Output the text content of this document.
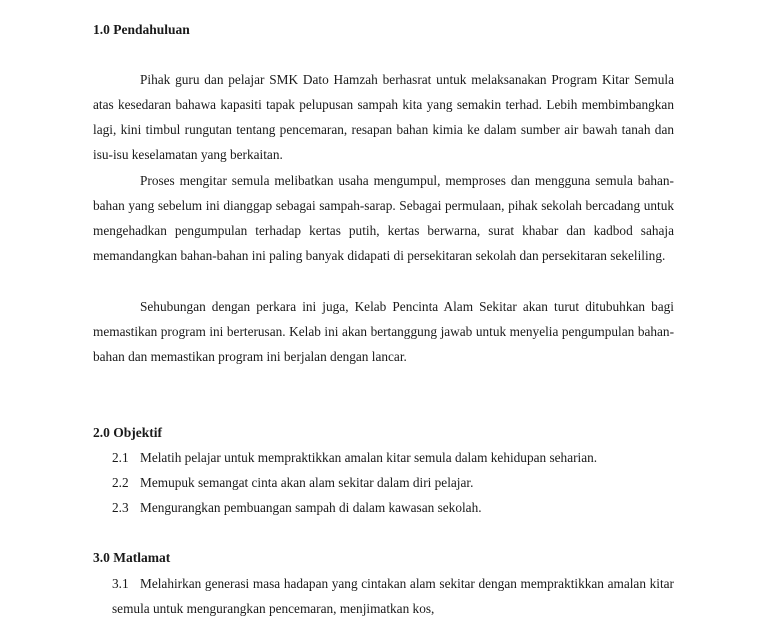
1.0 Pendahuluan

Pihak guru dan pelajar SMK Dato Hamzah berhasrat untuk melaksanakan Program Kitar Semula atas kesedaran bahawa kapasiti tapak pelupusan sampah kita yang semakin terhad. Lebih membimbangkan lagi, kini timbul rungutan tentang pencemaran, resapan bahan kimia ke dalam sumber air bawah tanah dan isu-isu keselamatan yang berkaitan.

Proses mengitar semula melibatkan usaha mengumpul, memproses dan mengguna semula bahan-bahan yang sebelum ini dianggap sebagai sampah-sarap. Sebagai permulaan, pihak sekolah bercadang untuk mengehadkan pengumpulan terhadap kertas putih, kertas berwarna, surat khabar dan kadbod sahaja memandangkan bahan-bahan ini paling banyak didapati di persekitaran sekolah dan persekitaran sekeliling.

Sehubungan dengan perkara ini juga, Kelab Pencinta Alam Sekitar akan turut ditubuhkan bagi memastikan program ini berterusan. Kelab ini akan bertanggung jawab untuk menyelia pengumpulan bahan-bahan dan memastikan program ini berjalan dengan lancar.

2.0 Objektif

2.1 Melatih pelajar untuk mempraktikkan amalan kitar semula dalam kehidupan seharian.

2.2 Memupuk semangat cinta akan alam sekitar dalam diri pelajar.

2.3 Mengurangkan pembuangan sampah di dalam kawasan sekolah.

3.0 Matlamat

3.1 Melahirkan generasi masa hadapan yang cintakan alam sekitar dengan mempraktikkan amalan kitar semula untuk mengurangkan pencemaran, menjimatkan kos,
